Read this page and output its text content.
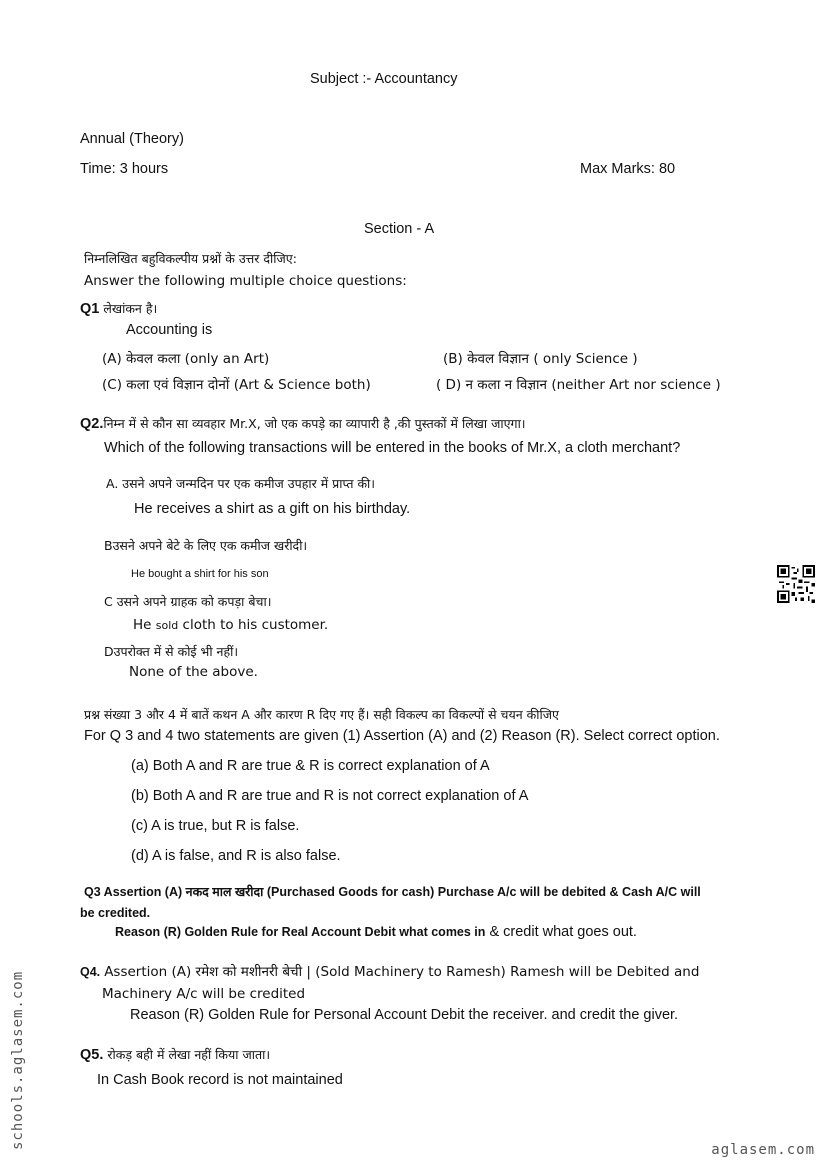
Subject :- Accountancy
Annual (Theory)
Time: 3 hours	Max Marks: 80
Section - A
निम्नलिखित बहुविकल्पीय प्रश्नों के उत्तर दीजिए:
Answer the following multiple choice questions:
Q1 लेखांकन है।
Accounting is
(A) केवल कला (only an Art)	(B) केवल विज्ञान ( only Science )
(C) कला एवं विज्ञान दोनों (Art & Science both)	( D) न कला न विज्ञान (neither Art nor science )
Q2.निम्न में से कौन सा व्यवहार Mr.X, जो एक कपड़े का व्यापारी है ,की पुस्तकों में लिखा जाएगा।
Which of the following transactions will be entered in the books of Mr.X, a cloth merchant?
A. उसने अपने जन्मदिन पर एक कमीज उपहार में प्राप्त की।
He receives a shirt as a gift on his birthday.
Bउसने अपने बेटे के लिए एक कमीज खरीदी।
He bought a shirt for his son
C उसने अपने ग्राहक को कपड़ा बेचा।
He sold cloth to his customer.
Dउपरोक्त में से कोई भी नहीं।
None of the above.
प्रश्न संख्या 3 और 4 में बातें कथन A और कारण R दिए गए हैं। सही विकल्प का विकल्पों से चयन कीजिए
For Q 3 and 4 two statements are given (1) Assertion (A) and (2) Reason (R). Select correct option.
(a) Both A and R are true & R is correct explanation of A
(b) Both A and R are true and R is not correct explanation of A
(c) A is true, but R is false.
(d) A is false, and R is also false.
Q3 Assertion (A) नकद माल खरीदा (Purchased Goods for cash) Purchase A/c will be debited & Cash A/C will
be credited.
Reason (R) Golden Rule for Real Account Debit what comes in & credit what goes out.
Q4. Assertion (A) रमेश को मशीनरी बेची | (Sold Machinery to Ramesh) Ramesh will be Debited and
Machinery A/c will be credited
Reason (R) Golden Rule for Personal Account Debit the receiver. and credit the giver.
Q5. रोकड़ बही में लेखा नहीं किया जाता।
In Cash Book record is not maintained
schools.aglasem.com	aglasem.com
